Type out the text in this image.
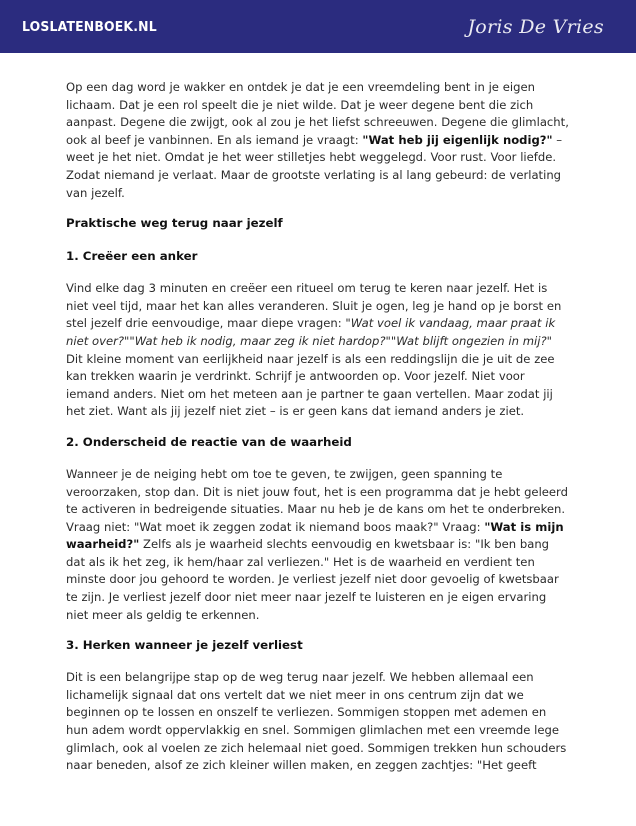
LOSLATENBOEK.NL	Joris De Vries

Op een dag word je wakker en ontdek je dat je een vreemdeling bent in je eigen lichaam. Dat je een rol speelt die je niet wilde. Dat je weer degene bent die zich aanpast. Degene die zwijgt, ook al zou je het liefst schreeuwen. Degene die glimlacht, ook al beef je vanbinnen. En als iemand je vraagt: "Wat heb jij eigenlijk nodig?" – weet je het niet. Omdat je het weer stilletjes hebt weggelegd. Voor rust. Voor liefde. Zodat niemand je verlaat. Maar de grootste verlating is al lang gebeurd: de verlating van jezelf.

Praktische weg terug naar jezelf

1. Creëer een anker

Vind elke dag 3 minuten en creëer een ritueel om terug te keren naar jezelf. Het is niet veel tijd, maar het kan alles veranderen. Sluit je ogen, leg je hand op je borst en stel jezelf drie eenvoudige, maar diepe vragen: "Wat voel ik vandaag, maar praat ik niet over?""Wat heb ik nodig, maar zeg ik niet hardop?""Wat blijft ongezien in mij?" Dit kleine moment van eerlijkheid naar jezelf is als een reddingslijn die je uit de zee kan trekken waarin je verdrinkt. Schrijf je antwoorden op. Voor jezelf. Niet voor iemand anders. Niet om het meteen aan je partner te gaan vertellen. Maar zodat jij het ziet. Want als jij jezelf niet ziet – is er geen kans dat iemand anders je ziet.

2. Onderscheid de reactie van de waarheid

Wanneer je de neiging hebt om toe te geven, te zwijgen, geen spanning te veroorzaken, stop dan. Dit is niet jouw fout, het is een programma dat je hebt geleerd te activeren in bedreigende situaties. Maar nu heb je de kans om het te onderbreken. Vraag niet: "Wat moet ik zeggen zodat ik niemand boos maak?" Vraag: "Wat is mijn waarheid?" Zelfs als je waarheid slechts eenvoudig en kwetsbaar is: "Ik ben bang dat als ik het zeg, ik hem/haar zal verliezen." Het is de waarheid en verdient ten minste door jou gehoord te worden. Je verliest jezelf niet door gevoelig of kwetsbaar te zijn. Je verliest jezelf door niet meer naar jezelf te luisteren en je eigen ervaring niet meer als geldig te erkennen.

3. Herken wanneer je jezelf verliest

Dit is een belangrijpe stap op de weg terug naar jezelf. We hebben allemaal een lichamelijk signaal dat ons vertelt dat we niet meer in ons centrum zijn dat we beginnen op te lossen en onszelf te verliezen. Sommigen stoppen met ademen en hun adem wordt oppervlakkig en snel. Sommigen glimlachen met een vreemde lege glimlach, ook al voelen ze zich helemaal niet goed. Sommigen trekken hun schouders naar beneden, alsof ze zich kleiner willen maken, en zeggen zachtjes: "Het geeft
